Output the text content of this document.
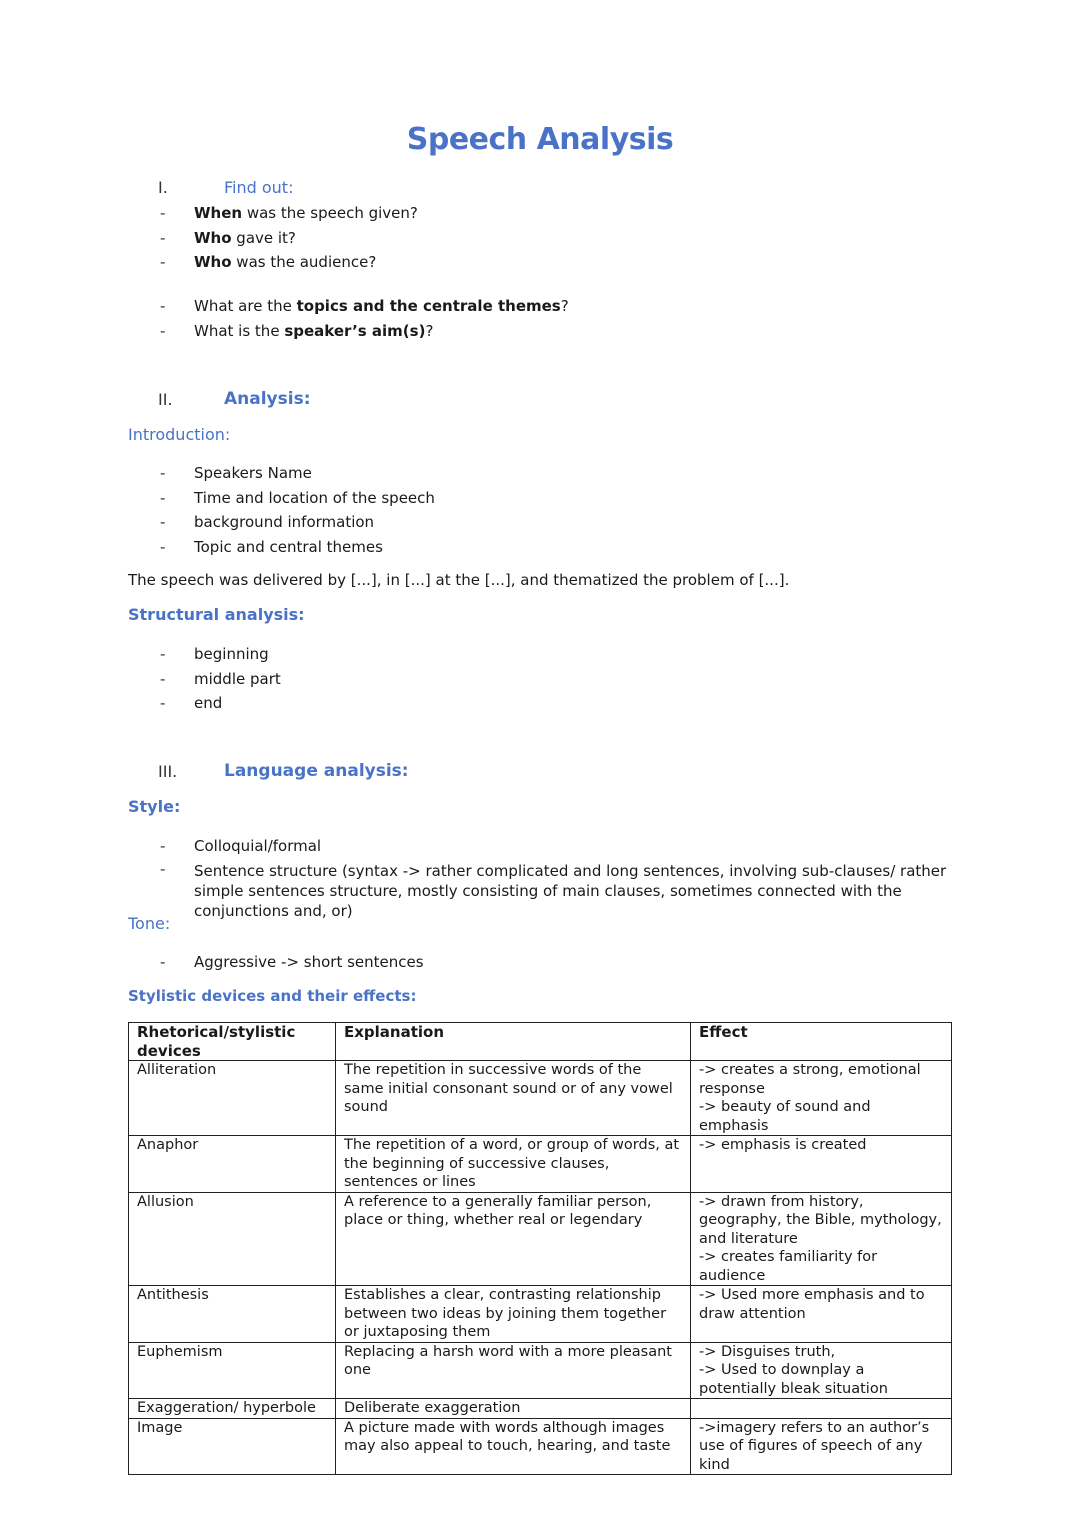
Speech Analysis
I.	Find out:
- When was the speech given?
- Who gave it?
- Who was the audience?
- What are the topics and the centrale themes?
- What is the speaker’s aim(s)?
II.	Analysis:
Introduction:
- Speakers Name
- Time and location of the speech
- background information
- Topic and central themes
The speech was delivered by [...], in [...] at the [...], and thematized the problem of [...].
Structural analysis:
- beginning
- middle part
- end
III.	Language analysis:
Style:
- Colloquial/formal
- Sentence structure (syntax -> rather complicated and long sentences, involving sub-clauses/ rather simple sentences structure, mostly consisting of main clauses, sometimes connected with the conjunctions and, or)
Tone:
- Aggressive -> short sentences
Stylistic devices and their effects:
Rhetorical/stylistic devices	Explanation	Effect
Alliteration	The repetition in successive words of the same initial consonant sound or of any vowel sound	-> creates a strong, emotional response
-> beauty of sound and emphasis

Anaphor	The repetition of a word, or group of words, at the beginning of successive clauses, sentences or lines	-> emphasis is created

Allusion	A reference to a generally familiar person, place or thing, whether real or legendary	-> drawn from history, geography, the Bible, mythology, and literature
-> creates familiarity for audience

Antithesis	Establishes a clear, contrasting relationship between two ideas by joining them together or juxtaposing them	-> Used more emphasis and to draw attention

Euphemism	Replacing a harsh word with a more pleasant one	-> Disguises truth,
-> Used to downplay a potentially bleak situation

Exaggeration/ hyperbole	Deliberate exaggeration	
Image	A picture made with words although images may also appeal to touch, hearing, and taste	->imagery refers to an author’s use of figures of speech of any kind
